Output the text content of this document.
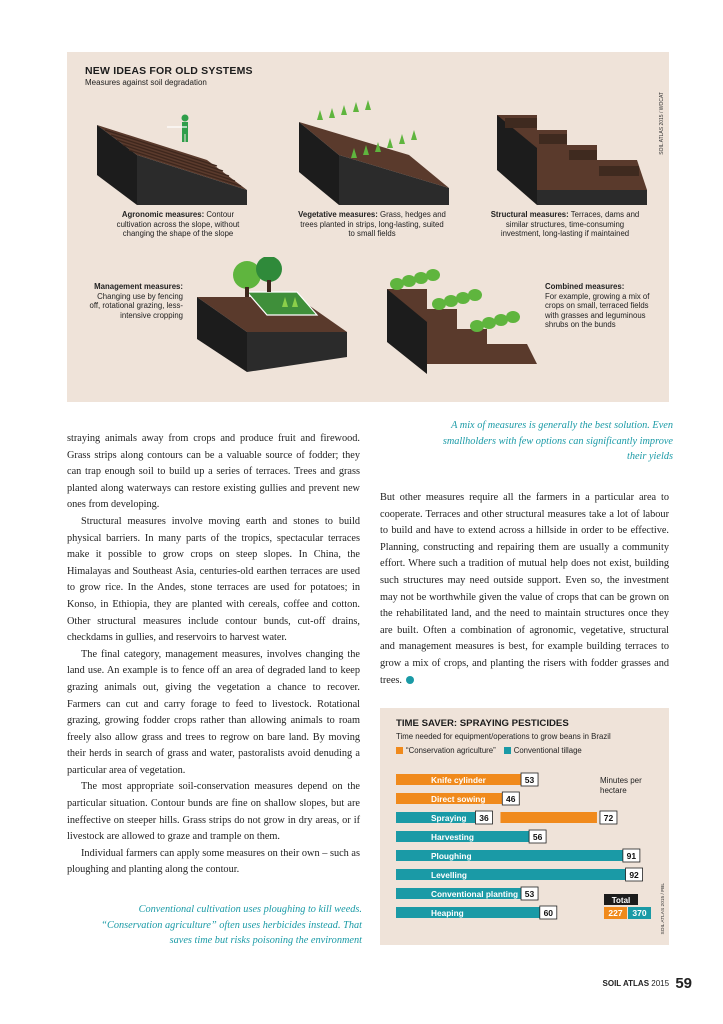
NEW IDEAS FOR OLD SYSTEMS
Measures against soil degradation
SOIL ATLAS 2015 / WOCAT
Agronomic measures: Contour cultivation across the slope, without changing the shape of the slope
Vegetative measures: Grass, hedges and trees planted in strips, long-lasting, suited to small fields
Structural measures: Terraces, dams and similar structures, time-consuming investment, long-lasting if maintained
Management measures:
Changing use by fencing off, rotational grazing, less-intensive cropping
Combined measures:
For example, growing a mix of crops on small, terraced fields with grasses and leguminous shrubs on the bunds
A mix of measures is generally the best solution. Even smallholders with few options can significantly improve their yields

straying animals away from crops and produce fruit and firewood. Grass strips along contours can be a valuable source of fodder; they can trap enough soil to build up a series of terraces. Trees and grass planted along waterways can restore existing gullies and prevent new ones from developing.

Structural measures involve moving earth and stones to build physical barriers. In many parts of the tropics, spectacular terraces make it possible to grow crops on steep slopes. In China, the Himalayas and Southeast Asia, centuries-old earthen terraces are used to grow rice. In the Andes, stone terraces are used for potatoes; in Konso, in Ethiopia, they are planted with cereals, coffee and cotton. Other structural measures include contour bunds, cut-off drains, checkdams in gullies, and reservoirs to harvest water.

The final category, management measures, involves changing the land use. An example is to fence off an area of degraded land to keep grazing animals out, giving the vegetation a chance to recover. Farmers can cut and carry forage to feed to livestock. Rotational grazing, growing fodder crops rather than allowing animals to roam freely also allow grass and trees to regrow on bare land. By moving their herds in search of grass and water, pastoralists avoid denuding a particular area of vegetation.

The most appropriate soil-conservation measures depend on the particular situation. Contour bunds are fine on shallow slopes, but are ineffective on steeper hills. Grass strips do not grow in dry areas, or if livestock are allowed to graze and trample on them.

Individual farmers can apply some measures on their own – such as ploughing and planting along the contour.

Conventional cultivation uses ploughing to kill weeds. “Conservation agriculture” often uses herbicides instead. That saves time but risks poisoning the environment

But other measures require all the farmers in a particular area to cooperate. Terraces and other structural measures take a lot of labour to build and have to extend across a hillside in order to be effective. Planning, constructing and repairing them are usually a community effort. Where such a tradition of mutual help does not exist, building such structures may need outside support. Even so, the investment may not be worthwhile given the value of crops that can be grown on the rehabilitated land, and the need to maintain structures once they are built. Often a combination of agronomic, vegetative, structural and management measures is best, for example building terraces to grow a mix of crops, and planting the risers with fodder grasses and trees.

TIME SAVER: SPRAYING PESTICIDES
Time needed for equipment/operations to grow beans in Brazil
“Conservation agriculture”	Conventional tillage
Minutes per hectare
SOIL ATLAS 2015 / FBL
53
Knife cylinder
46
Direct sowing
36	72
Spraying
56
Harvesting
91
Ploughing
92
Levelling
53
Conventional planting
60
Heaping
Total
227 370
SOIL ATLAS 2015 59
